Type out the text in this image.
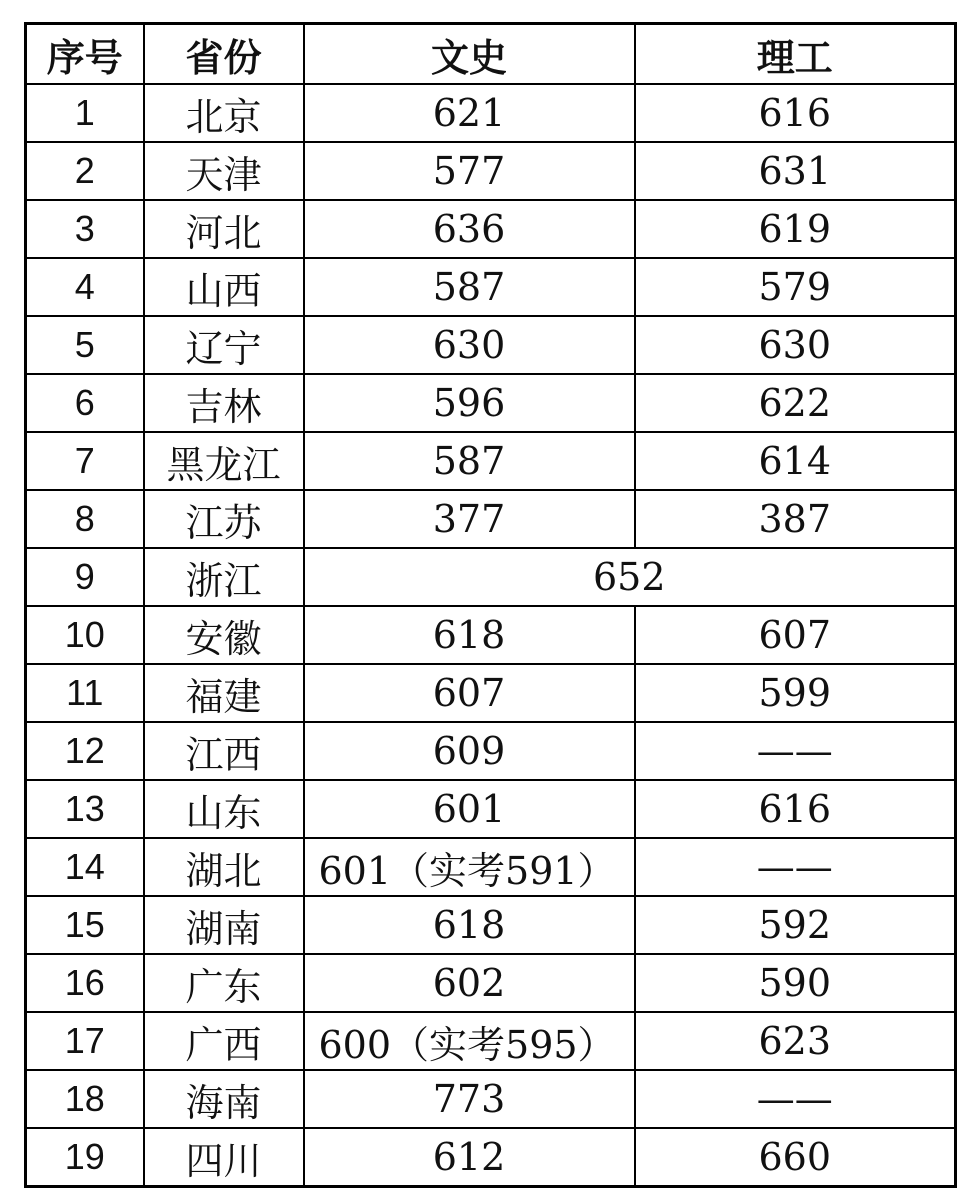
序号	省份	文史	理工
1	北京	621	616
2	天津	577	631
3	河北	636	619
4	山西	587	579
5	辽宁	630	630
6	吉林	596	622
7	黑龙江	587	614
8	江苏	377	387
9	浙江	652	
10	安徽	618	607
11	福建	607	599
12	江西	609	——
13	山东	601	616
14	湖北	601（实考591）	——
15	湖南	618	592
16	广东	602	590
17	广西	600（实考595）	623
18	海南	773	——
19	四川	612	660
